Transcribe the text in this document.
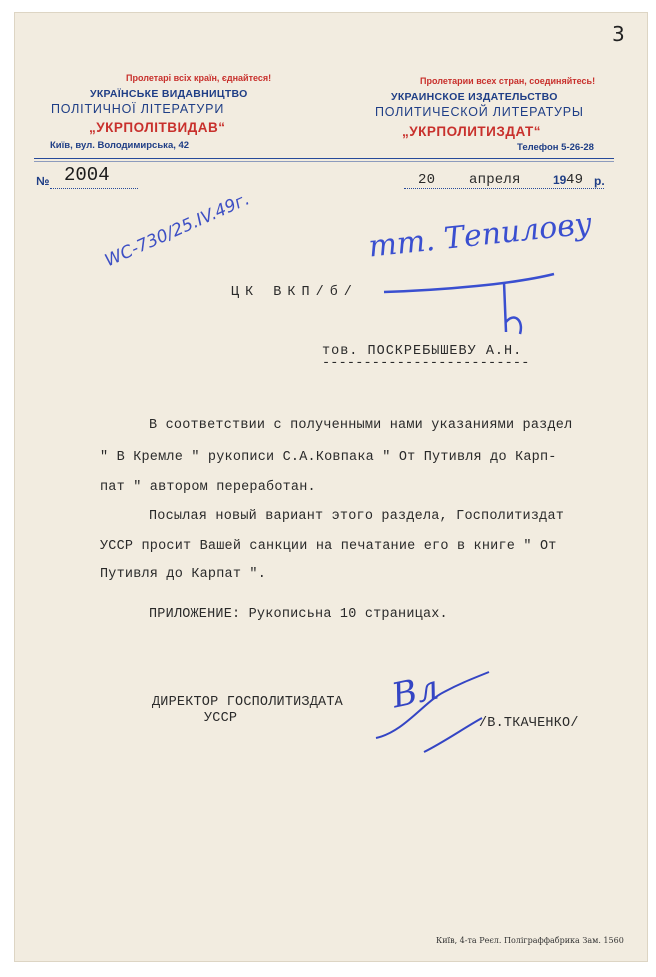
3
Пролетарі всіх країн, єднайтеся!
УКРАЇНСЬКЕ ВИДАВНИЦТВО
ПОЛІТИЧНОЇ ЛІТЕРАТУРИ
„УКРПОЛІТВИДАВ“
Київ, вул. Володимирська, 42
Пролетарии всех стран, соединяйтесь!
УКРАИНСКОЕ ИЗДАТЕЛЬСТВО
ПОЛИТИЧЕСКОЙ ЛИТЕРАТУРЫ
„УКРПОЛИТИЗДАТ“
Телефон 5-26-28
№ 2004	20 апреля	19 49 р.
WC-730/25.IV.49г.	тт. Тепилову
ЦК ВКП/б/
тов. ПОСКРЕБЫШЕВУ А.Н.
-------------------------
В соответствии с полученными нами указаниями раздел
" В Кремле " рукописи С.А.Ковпака " От Путивля до Карп-
пат " автором переработан.
Посылая новый вариант этого раздела, Госполитиздат
УССР просит Вашей санкции на печатание его в книге " От
Путивля до Карпат ".
ПРИЛОЖЕНИЕ: Рукописьна 10 страницах.
ДИРЕКТОР ГОСПОЛИТИЗДАТА
УССР
Вл
/В.ТКАЧЕНКО/
Київ, 4-та Реєл. Поліграффабрика Зам. 1560
